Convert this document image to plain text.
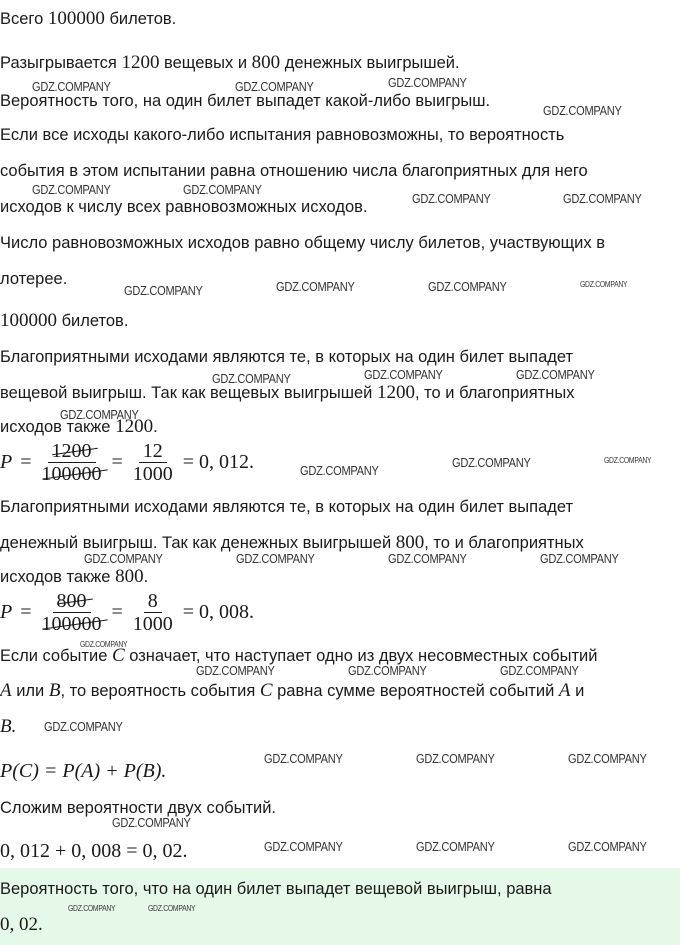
Всего 100000 билетов.
Разыгрывается 1200 вещевых и 800 денежных выигрышей.
Вероятность того, на один билет выпадет какой-либо выигрыш.
Если все исходы какого-либо испытания равновозможны, то вероятность
события в этом испытании равна отношению числа благоприятных для него
исходов к числу всех равновозможных исходов.
Число равновозможных исходов равно общему числу билетов, участвующих в
лотерее.
100000 билетов.
Благоприятными исходами являются те, в которых на один билет выпадет
вещевой выигрыш. Так как вещевых выигрышей 1200, то и благоприятных
исходов также 1200.
$P = \frac{1200}{100000} = \frac{12}{1000} = 0$, 012.
Благоприятными исходами являются те, в которых на один билет выпадет
денежный выигрыш. Так как денежных выигрышей 800, то и благоприятных
исходов также 800.
$P = \frac{800}{100000} = \frac{8}{1000} = 0$, 008.
Если событие C означает, что наступает одно из двух несовместных событий
A или B, то вероятность события C равна сумме вероятностей событий A и
B.
P(C) = P(A) + P(B).
Сложим вероятности двух событий.
0, 012 + 0, 008 = 0, 02.
Вероятность того, что на один билет выпадет вещевой выигрыш, равна
0, 02.
GDZ.COMPANY	GDZ.COMPANY	GDZ.COMPANY
GDZ.COMPANY
GDZ.COMPANY	GDZ.COMPANY
GDZ.COMPANY	GDZ.COMPANY
GDZ.COMPANY	GDZ.COMPANY	GDZ.COMPANY	GDZ.COMPANY
GDZ.COMPANY	GDZ.COMPANY	GDZ.COMPANY
GDZ.COMPANY
GDZ.COMPANY
GDZ.COMPANY	GDZ.COMPANY
GDZ.COMPANY	GDZ.COMPANY	GDZ.COMPANY	GDZ.COMPANY
GDZ.COMPANY
GDZ.COMPANY	GDZ.COMPANY	GDZ.COMPANY
GDZ.COMPANY
GDZ.COMPANY	GDZ.COMPANY	GDZ.COMPANY
GDZ.COMPANY
GDZ.COMPANY	GDZ.COMPANY	GDZ.COMPANY
GDZ.COMPANY	GDZ.COMPANY
